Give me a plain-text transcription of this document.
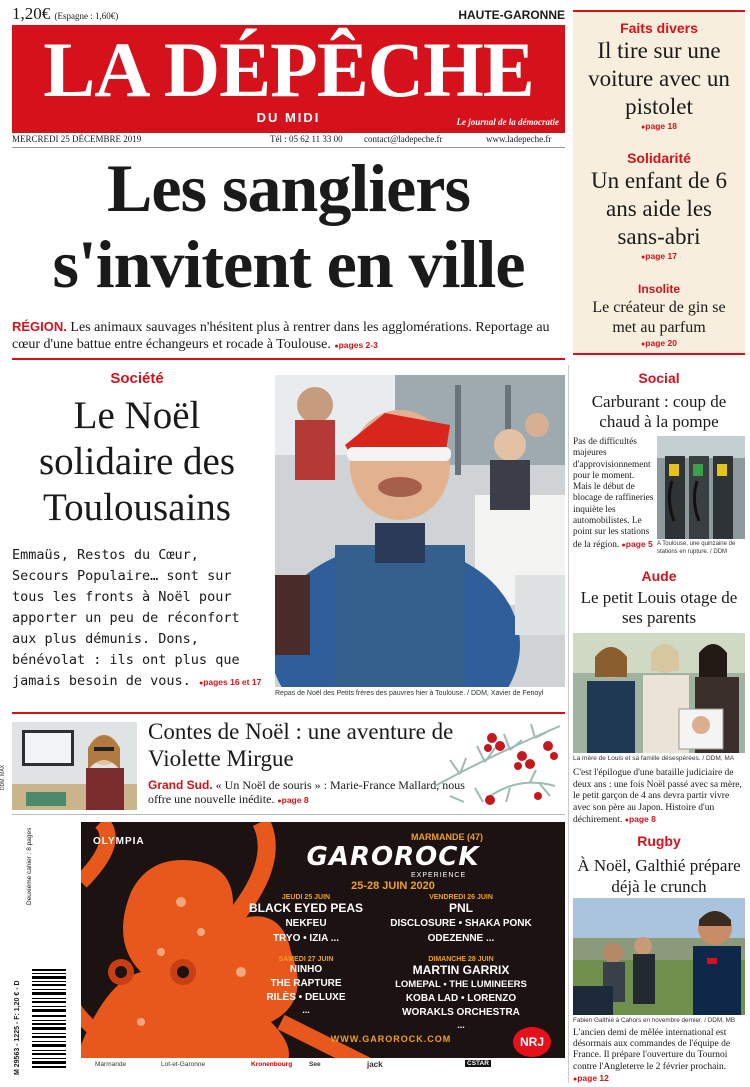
1,20€ (Espagne : 1,60€)	HAUTE-GARONNE
LA DÉPÊCHE
DU MIDI	Le journal de la démocratie
MERCREDI 25 DÉCEMBRE 2019	Tél : 05 62 11 33 00 contact@ladepeche.fr	www.ladepeche.fr
Les sangliers
s'invitent en ville
RÉGION. Les animaux sauvages n'hésitent plus à rentrer dans les agglomérations. Reportage au cœur d'une battue entre échangeurs et rocade à Toulouse. ● pages 2-3
Faits divers
Il tire sur une voiture avec un pistolet
● page 18
Solidarité
Un enfant de 6 ans aide les sans-abri
● page 17
Insolite
Le créateur de gin se met au parfum
● page 20
Société
Le Noël solidaire des Toulousains
Emmaüs, Restos du Cœur, Secours Populaire… sont sur tous les fronts à Noël pour apporter un peu de réconfort aux plus démunis. Dons, bénévolat : ils ont plus que jamais besoin de vous. ● pages 16 et 17
Repas de Noël des Petits frères des pauvres hier à Toulouse. / DDM, Xavier de Fenoyl
Social
Carburant : coup de chaud à la pompe
Pas de difficultés majeures d'approvisionnement pour le moment. Mais le début de blocage de raffineries inquiète les automobilistes. Le point sur les stations de la région. ● page 5 A Toulouse, une quinzaine de stations en rupture. / DDM
Aude
Le petit Louis otage de ses parents
La mère de Louis et sa famille désespérées. / DDM, MA
C'est l'épilogue d'une bataille judiciaire de deux ans : une fois Noël passé avec sa mère, le petit garçon de 4 ans devra partir vivre avec son père au Japon. Histoire d'un déchirement. ● page 8
DDM, MAX
Contes de Noël : une aventure de Violette Mirgue
Grand Sud. « Un Noël de souris » : Marie-France Mallard, nous offre une nouvelle inédite. ● page 8
OLYMPIA	MARMANDE (47)
GAROROCK
EXPERIENCE
25-28 JUIN 2020
JEUDI 25 JUIN
BLACK EYED PEAS
NEKFEU
TRYO • IZIA ...
VENDREDI 26 JUIN
PNL
DISCLOSURE • SHAKA PONK
ODEZENNE ...
SAMEDI 27 JUIN
NINHO
THE RAPTURE
RILÈS • DELUXE
...
DIMANCHE 28 JUIN
MARTIN GARRIX
LOMEPAL • THE LUMINEERS
KOBA LAD • LORENZO
WORAKLS ORCHESTRA
...
WWW.GAROROCK.COM	NRJ
Marmande	Lot-et-Garonne	Kronenbourg	See	jack	CSTAR
Deuxième cahier : 8 pages
M 29563 - 1225 - F: 1,20 € - D
Rugby
À Noël, Galthié prépare déjà le crunch
Fabien Galthié à Cahors en novembre dernier. / DDM, MB
L'ancien demi de mêlée international est désormais aux commandes de l'équipe de France. Il prépare l'ouverture du Tournoi contre l'Angleterre le 2 février prochain. ● page 12
